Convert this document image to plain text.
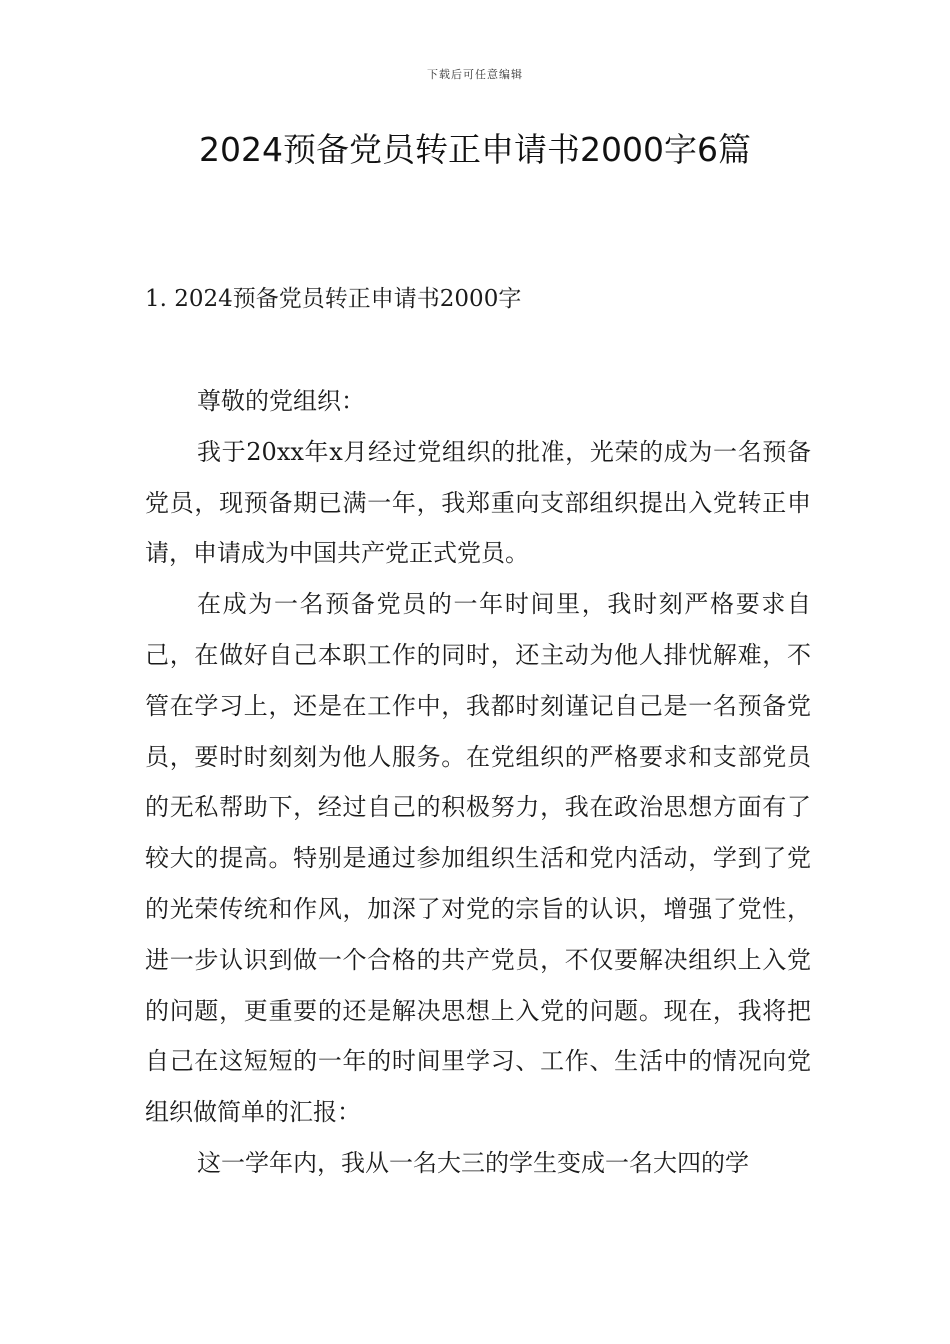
下载后可任意编辑
2024预备党员转正申请书2000字6篇
1. 2024预备党员转正申请书2000字

尊敬的党组织：

我于20xx年x月经过党组织的批准，光荣的成为一名预备党员，现预备期已满一年，我郑重向支部组织提出入党转正申请，申请成为中国共产党正式党员。

在成为一名预备党员的一年时间里，我时刻严格要求自己，在做好自己本职工作的同时，还主动为他人排忧解难，不管在学习上，还是在工作中，我都时刻谨记自己是一名预备党员，要时时刻刻为他人服务。在党组织的严格要求和支部党员的无私帮助下，经过自己的积极努力，我在政治思想方面有了较大的提高。特别是通过参加组织生活和党内活动，学到了党的光荣传统和作风，加深了对党的宗旨的认识，增强了党性，进一步认识到做一个合格的共产党员，不仅要解决组织上入党的问题，更重要的还是解决思想上入党的问题。现在，我将把自己在这短短的一年的时间里学习、工作、生活中的情况向党组织做简单的汇报：

这一学年内，我从一名大三的学生变成一名大四的学
